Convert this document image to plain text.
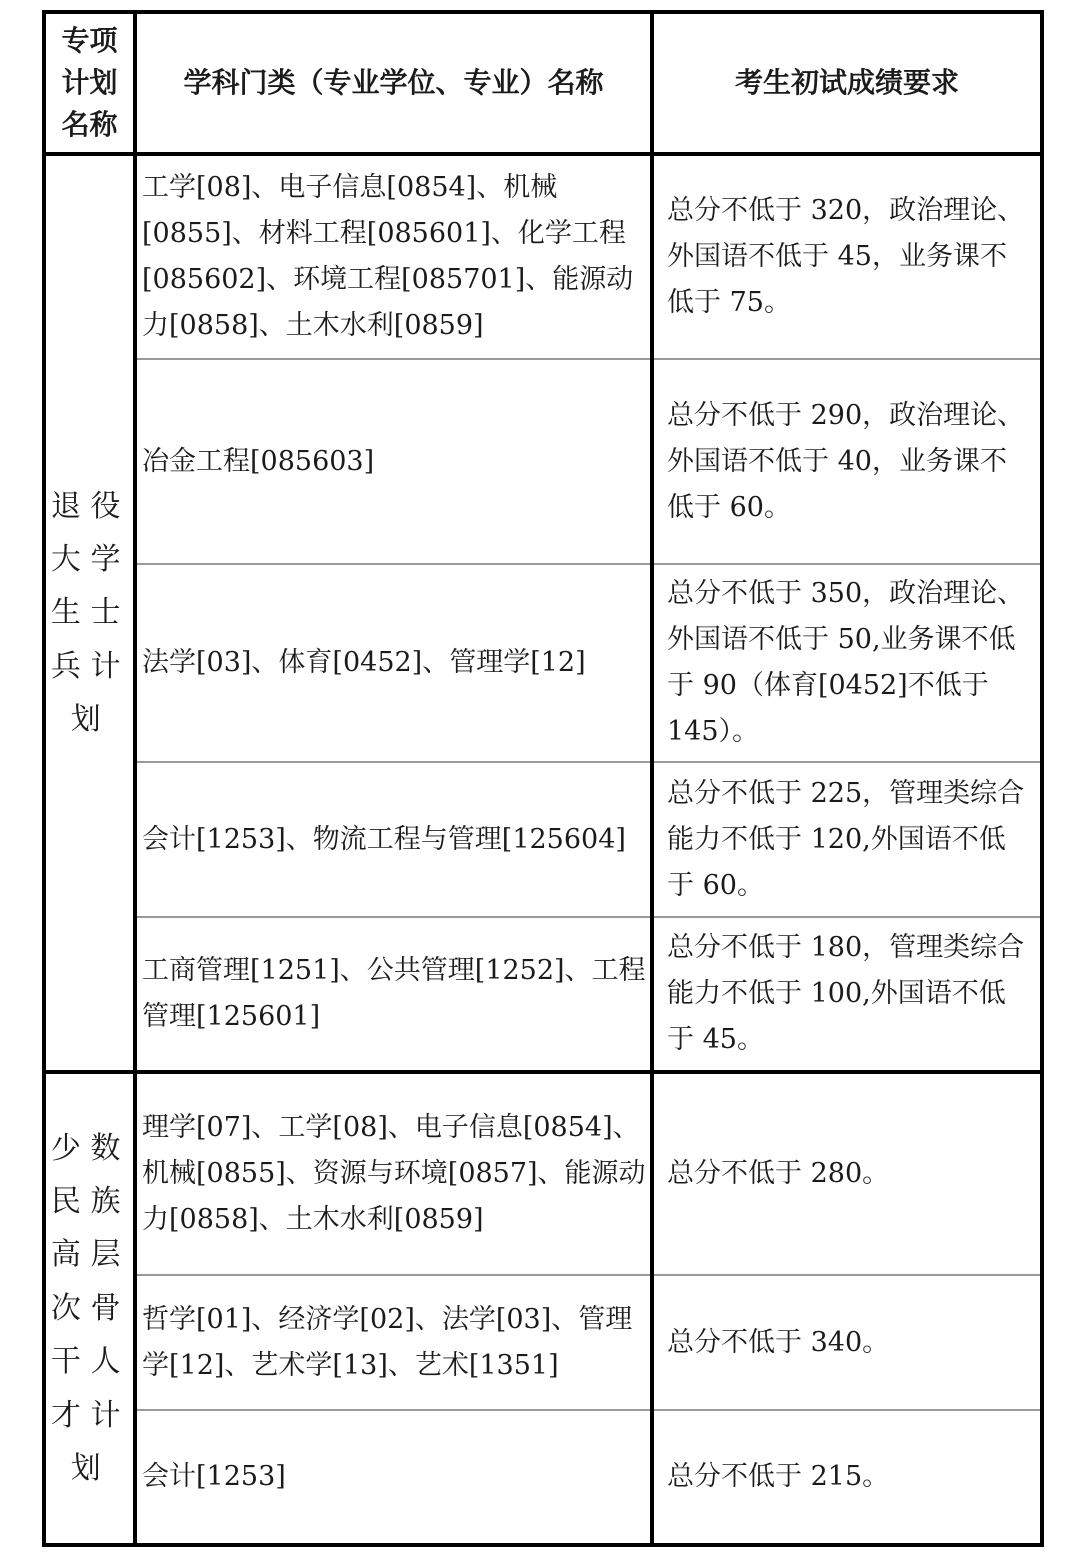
专项计划名称	学科门类（专业学位、专业）名称	考生初试成绩要求
退役大学生士兵计划	工学[08]、电子信息[0854]、机械[0855]、材料工程[085601]、化学工程[085602]、环境工程[085701]、能源动力[0858]、土木水利[0859]	总分不低于 320，政治理论、外国语不低于 45，业务课不低于 75。
	冶金工程[085603]	总分不低于 290，政治理论、外国语不低于 40，业务课不低于 60。
	法学[03]、体育[0452]、管理学[12]	总分不低于 350，政治理论、外国语不低于 50,业务课不低于 90（体育[0452]不低于 145）。
	会计[1253]、物流工程与管理[125604]	总分不低于 225，管理类综合能力不低于 120,外国语不低于 60。
	工商管理[1251]、公共管理[1252]、工程管理[125601]	总分不低于 180，管理类综合能力不低于 100,外国语不低于 45。
少数民族高层次骨干人才计划	理学[07]、工学[08]、电子信息[0854]、机械[0855]、资源与环境[0857]、能源动力[0858]、土木水利[0859]	总分不低于 280。
	哲学[01]、经济学[02]、法学[03]、管理学[12]、艺术学[13]、艺术[1351]	总分不低于 340。
	会计[1253]	总分不低于 215。
